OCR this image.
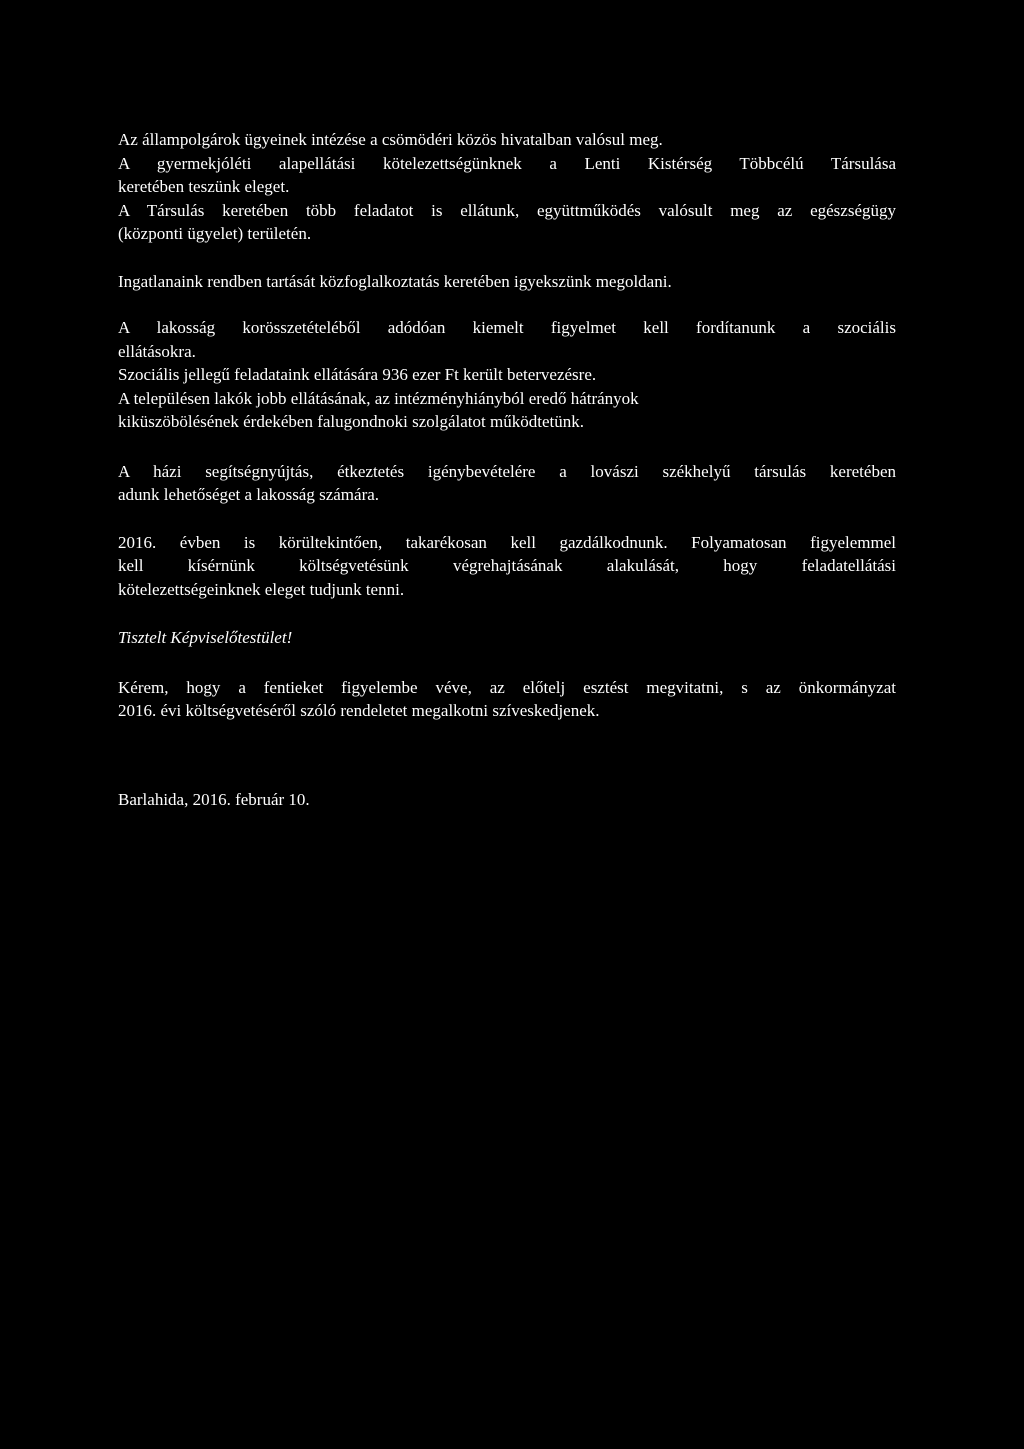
Az állampolgárok ügyeinek intézése a csömödéri közös hivatalban valósul meg.
A gyermekjóléti alapellátási kötelezettségünknek a Lenti Kistérség Többcélú Társulása
keretében teszünk eleget.
A Társulás keretében több feladatot is ellátunk, együttműködés valósult meg az egészségügy
(központi ügyelet) területén.

Ingatlanaink rendben tartását közfoglalkoztatás keretében igyekszünk megoldani.

A lakosság korösszetételéből adódóan kiemelt figyelmet kell fordítanunk a szociális
ellátásokra.
Szociális jellegű feladataink ellátására 936 ezer Ft került betervezésre.
A településen lakók jobb ellátásának, az intézményhiányból eredő hátrányok
kiküszöbölésének érdekében falugondnoki szolgálatot működtetünk.

A házi segítségnyújtás, étkeztetés igénybevételére a lovászi székhelyű társulás keretében
adunk lehetőséget a lakosság számára.

2016. évben is körültekintően, takarékosan kell gazdálkodnunk. Folyamatosan figyelemmel
kell kísérnünk költségvetésünk végrehajtásának alakulását, hogy feladatellátási
kötelezettségeinknek eleget tudjunk tenni.

Tisztelt Képviselőtestület!

Kérem, hogy a fentieket figyelembe véve, az előtelj esztést megvitatni, s az önkormányzat
2016. évi költségvetéséről szóló rendeletet megalkotni szíveskedjenek.

Barlahida, 2016. február 10.
